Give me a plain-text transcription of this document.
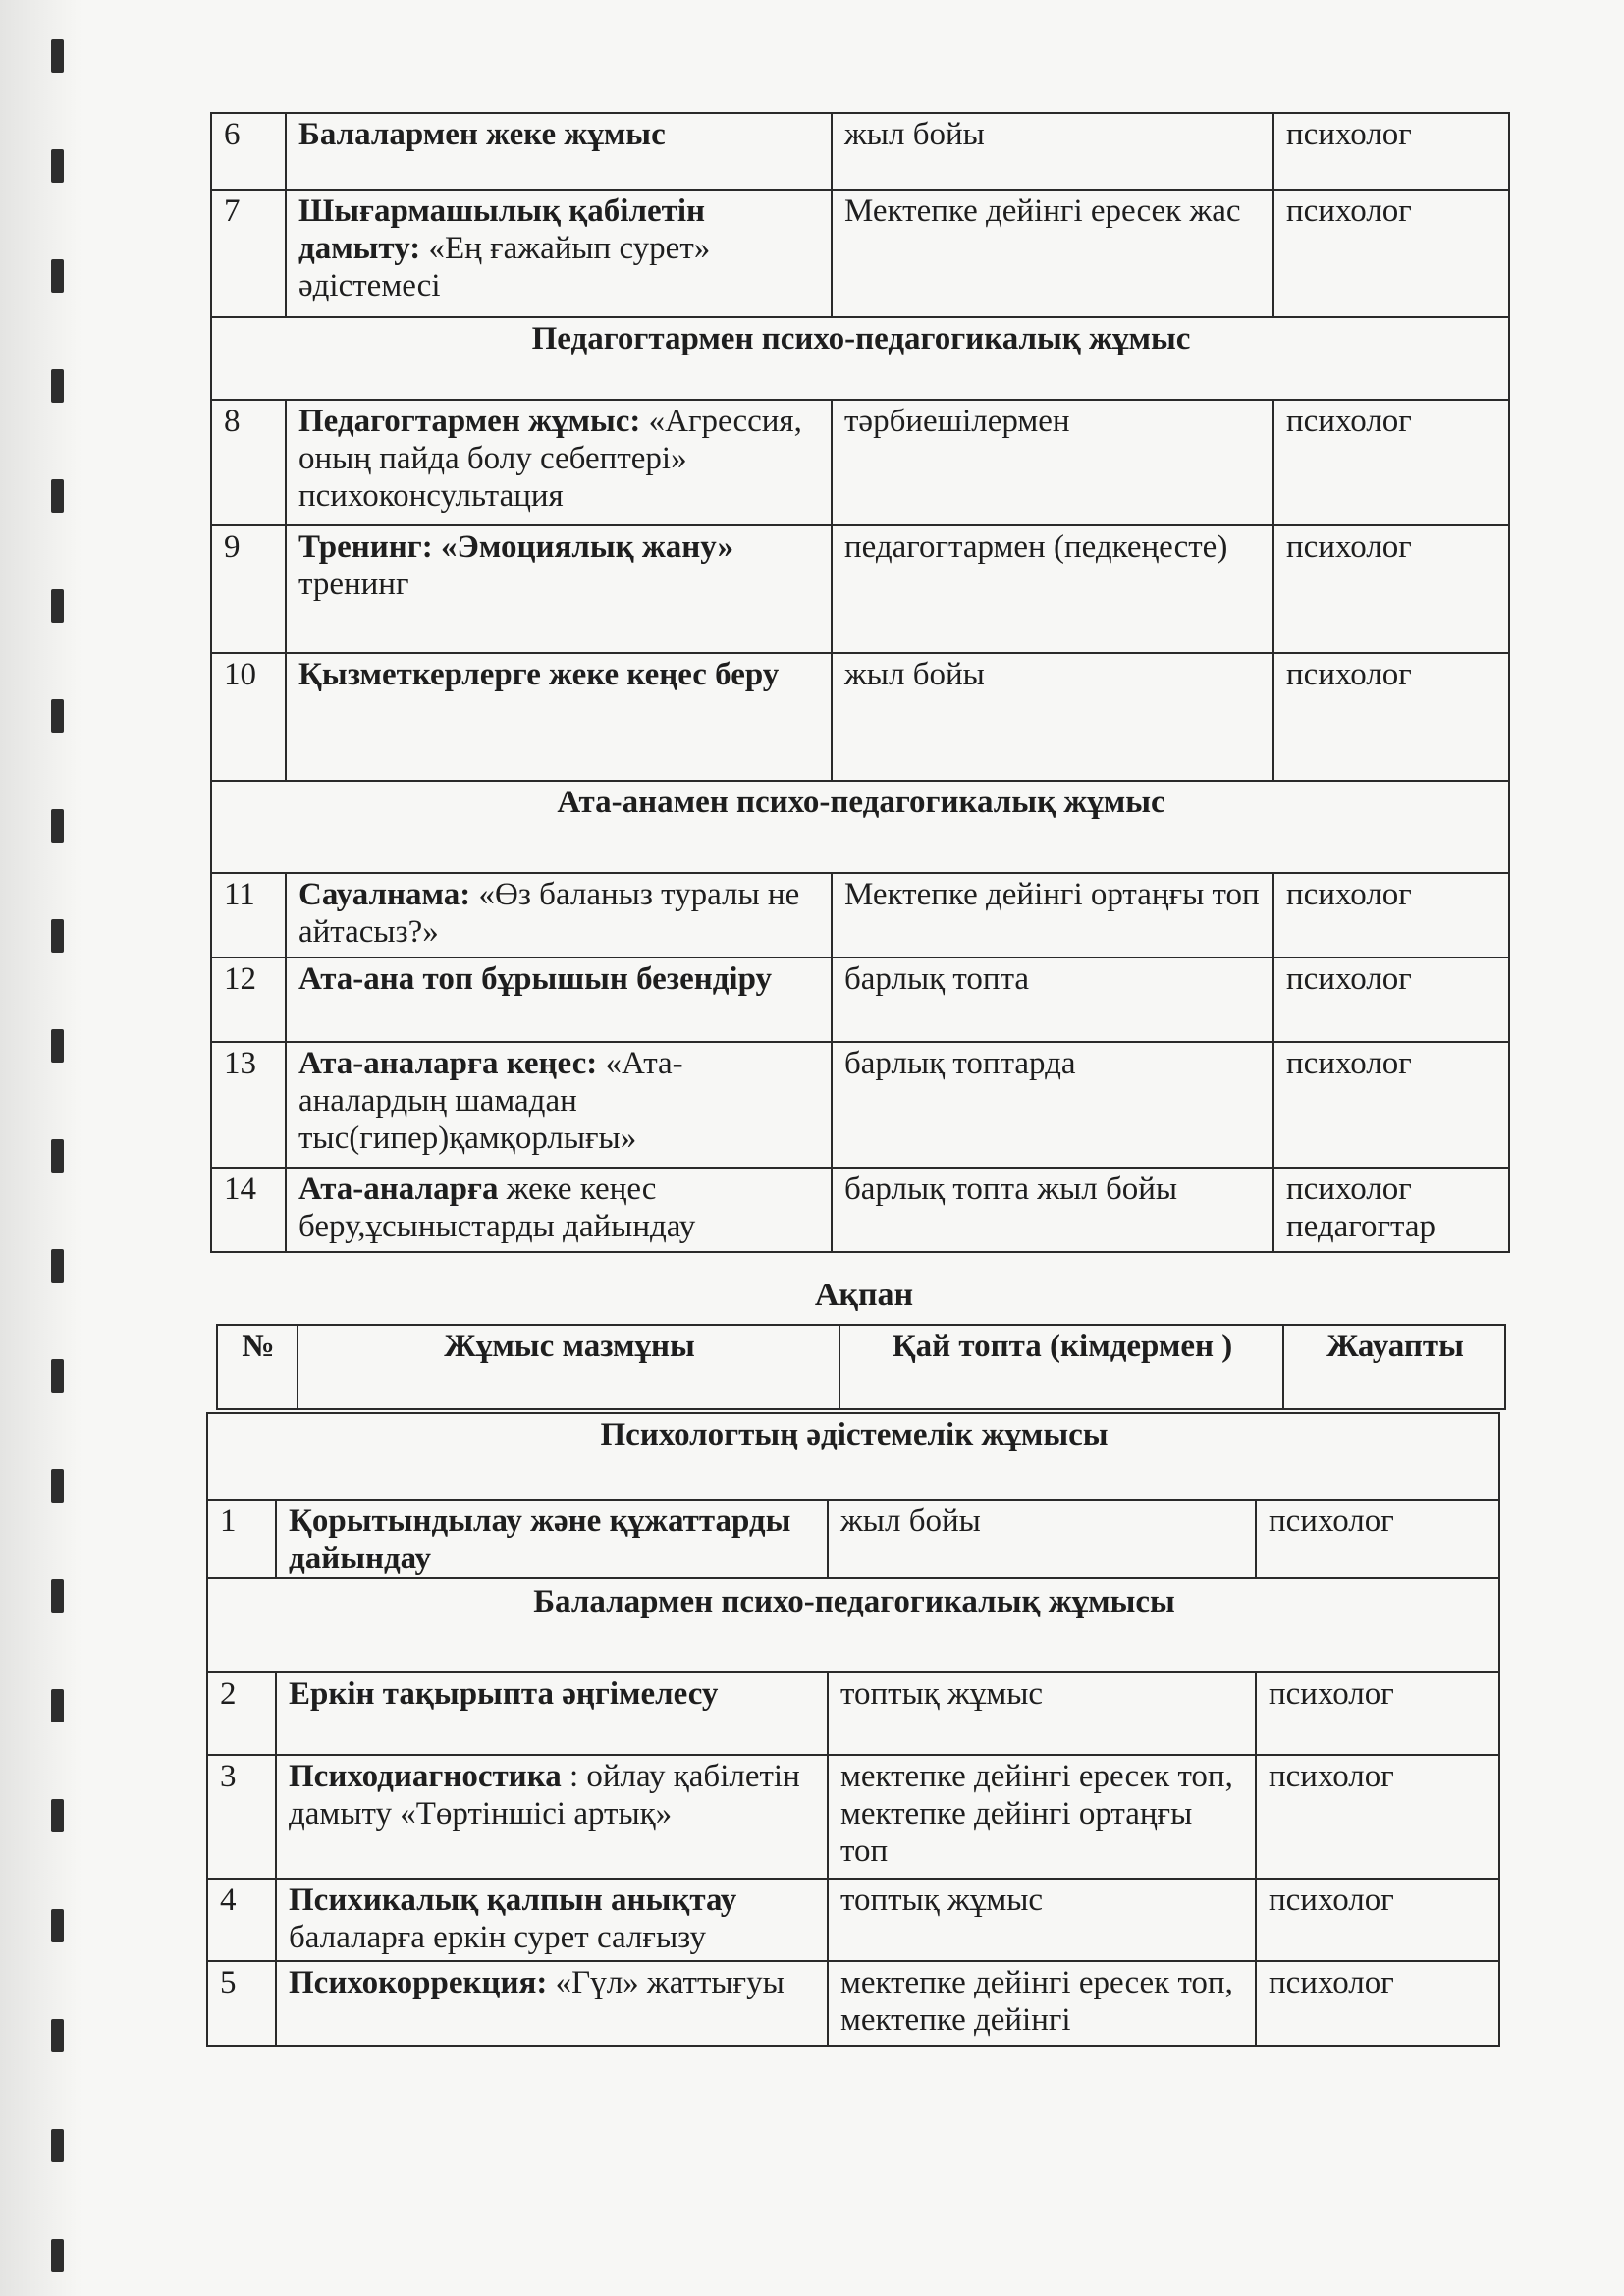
6	Балалармен жеке жұмыс	жыл бойы	психолог
7	Шығармашылық қабілетін дамыту: «Ең ғажайып сурет» әдістемесі	Мектепке дейінгі ересек жас	психолог
Педагогтармен психо-педагогикалық жұмыс			
8	Педагогтармен жұмыс: «Агрессия, оның пайда болу себептері» психоконсультация	тәрбиешілермен	психолог
9	Тренинг: «Эмоциялық жану» тренинг	педагогтармен (педкеңесте)	психолог
10	Қызметкерлерге жеке кеңес беру	жыл бойы	психолог
Ата-анамен психо-педагогикалық жұмыс			
11	Сауалнама: «Өз баланыз туралы не айтасыз?»	Мектепке дейінгі ортаңғы топ	психолог
12	Ата-ана топ бұрышын безендіру	барлық топта	психолог
13	Ата-аналарға кеңес: «Ата-аналардың шамадан тыс(гипер)қамқорлығы»	барлық топтарда	психолог
14	Ата-аналарға жеке кеңес беру,ұсыныстарды дайындау	барлық топта жыл бойы	психолог педагогтар
Ақпан
№	Жұмыс мазмұны	Қай топта (кімдермен )	Жауапты
Психологтың әдістемелік жұмысы			
1	Қорытындылау және құжаттарды дайындау	жыл бойы	психолог
Балалармен психо-педагогикалық жұмысы			
2	Еркін тақырыпта әңгімелесу	топтық жұмыс	психолог
3	Психодиагностика : ойлау қабілетін дамыту «Төртіншісі артық»	мектепке дейінгі ересек топ, мектепке дейінгі ортаңғы топ	психолог
4	Психикалық қалпын анықтау балаларға еркін сурет салғызу	топтық жұмыс	психолог
5	Психокоррекция: «Гүл» жаттығуы	мектепке дейінгі ересек топ, мектепке дейінгі	психолог
